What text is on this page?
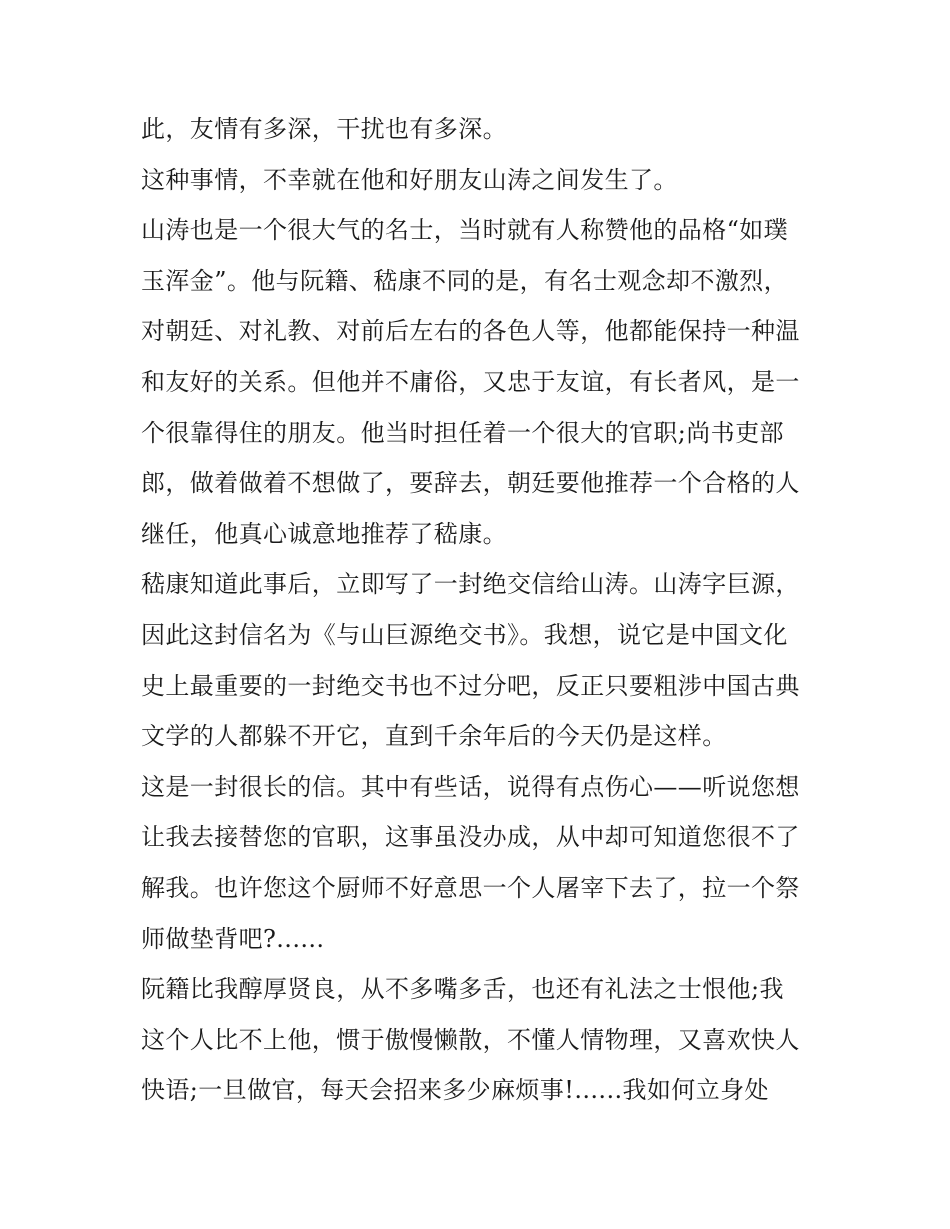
此，友情有多深，干扰也有多深。
这种事情，不幸就在他和好朋友山涛之间发生了。
山涛也是一个很大气的名士，当时就有人称赞他的品格“如璞
玉浑金”。他与阮籍、嵇康不同的是，有名士观念却不激烈，
对朝廷、对礼教、对前后左右的各色人等，他都能保持一种温
和友好的关系。但他并不庸俗，又忠于友谊，有长者风，是一
个很靠得住的朋友。他当时担任着一个很大的官职;尚书吏部
郎，做着做着不想做了，要辞去，朝廷要他推荐一个合格的人
继任，他真心诚意地推荐了嵇康。
嵇康知道此事后，立即写了一封绝交信给山涛。山涛字巨源，
因此这封信名为《与山巨源绝交书》。我想，说它是中国文化
史上最重要的一封绝交书也不过分吧，反正只要粗涉中国古典
文学的人都躲不开它，直到千余年后的今天仍是这样。
这是一封很长的信。其中有些话，说得有点伤心——听说您想
让我去接替您的官职，这事虽没办成，从中却可知道您很不了
解我。也许您这个厨师不好意思一个人屠宰下去了，拉一个祭
师做垫背吧?......
阮籍比我醇厚贤良，从不多嘴多舌，也还有礼法之士恨他;我
这个人比不上他，惯于傲慢懒散，不懂人情物理，又喜欢快人
快语;一旦做官，每天会招来多少麻烦事!......我如何立身处
